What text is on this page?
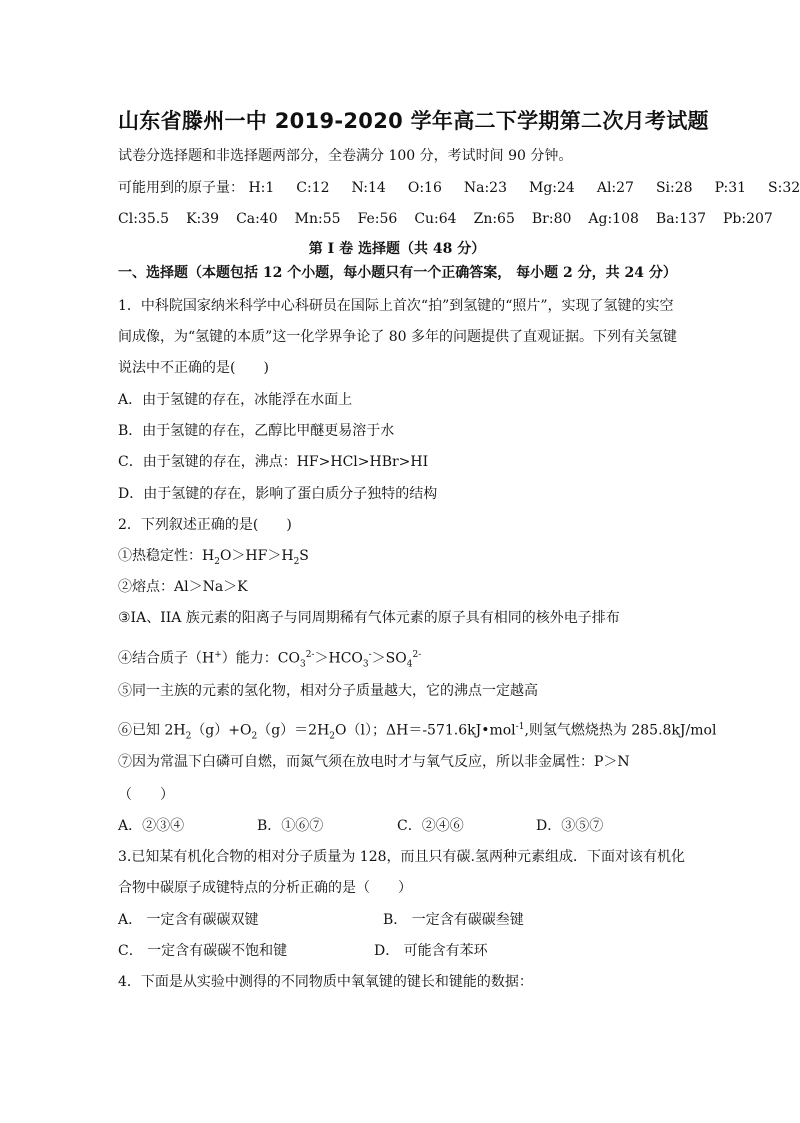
山东省滕州一中 2019-2020 学年高二下学期第二次月考试题
试卷分选择题和非选择题两部分，全卷满分 100 分，考试时间 90 分钟。
可能用到的原子量： H:1 C:12 N:14 O:16 Na:23 Mg:24 Al:27 Si:28 P:31 S:32
Cl:35.5 K:39 Ca:40 Mn:55 Fe:56 Cu:64 Zn:65 Br:80 Ag:108 Ba:137 Pb:207
第 I 卷 选择题（共 48 分）
一、选择题（本题包括 12 个小题，每小题只有一个正确答案， 每小题 2 分，共 24 分）
1．中科院国家纳米科学中心科研员在国际上首次“拍”到氢键的“照片”，实现了氢键的实空
间成像，为“氢键的本质”这一化学界争论了 80 多年的问题提供了直观证据。下列有关氢键
说法中不正确的是(　　)
A．由于氢键的存在，冰能浮在水面上
B．由于氢键的存在，乙醇比甲醚更易溶于水
C．由于氢键的存在，沸点：HF>HCl>HBr>HI
D．由于氢键的存在，影响了蛋白质分子独特的结构
2．下列叙述正确的是(　　)
①热稳定性：$H_2O>HF>H_2S$
②熔点：Al＞Na＞K
③IA、IIA 族元素的阳离子与同周期稀有气体元素的原子具有相同的核外电子排布
④结合质子（H+）能力：$CO_3^{2-}>HCO_3^->SO_4^{2-}$
⑤同一主族的元素的氢化物，相对分子质量越大，它的沸点一定越高
⑥已知 $2H_2(g)+O_2(g)=2H_2O(l)$；ΔH＝-571.6kJ•mol$^{-1}$,则氢气燃烧热为 285.8kJ/mol
⑦因为常温下白磷可自燃，而氮气须在放电时才与氧气反应，所以非金属性：P＞N
（　　）
A．②③④	B．①⑥⑦	C．②④⑥	D．③⑤⑦
3.已知某有机化合物的相对分子质量为 128，而且只有碳.氢两种元素组成．下面对该有机化
合物中碳原子成键特点的分析正确的是（　　）
A． 一定含有碳碳双键	B． 一定含有碳碳叁键
C． 一定含有碳碳不饱和键	D． 可能含有苯环
4．下面是从实验中测得的不同物质中氧氧键的键长和键能的数据：
